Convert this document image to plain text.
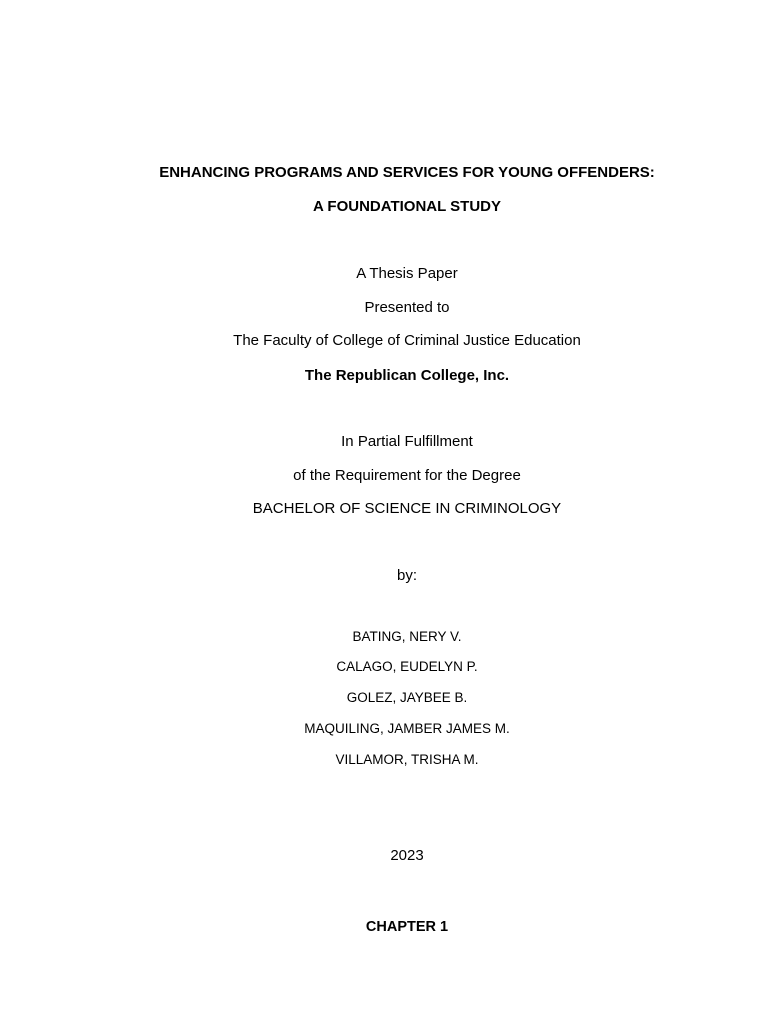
ENHANCING PROGRAMS AND SERVICES FOR YOUNG OFFENDERS:
A FOUNDATIONAL STUDY
A Thesis Paper
Presented to
The Faculty of College of Criminal Justice Education
The Republican College, Inc.
In Partial Fulfillment
of the Requirement for the Degree
BACHELOR OF SCIENCE IN CRIMINOLOGY
by:
BATING, NERY V.
CALAGO, EUDELYN P.
GOLEZ, JAYBEE B.
MAQUILING, JAMBER JAMES M.
VILLAMOR, TRISHA M.
2023
CHAPTER 1
